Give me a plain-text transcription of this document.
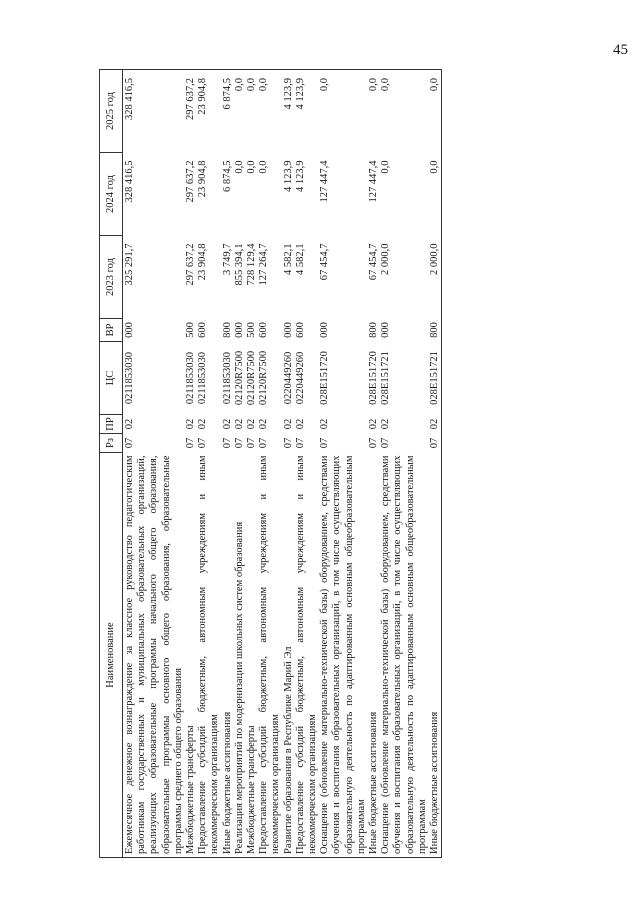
45
Наименование	Рз	ПР	ЦС	ВР	2023 год	2024 год	2025 год
Ежемесячное денежное вознаграждение за классное руководство педагогическим работникам государственных и муниципальных образовательных организаций, реализующих образовательные программы начального общего образования, образовательные программы основного общего образования, образовательные программы среднего общего образования	07	02	0211853030	000	325 291,7	328 416,5	328 416,5
Межбюджетные трансферты	07	02	0211853030	500	297 637,2	297 637,2	297 637,2
Предоставление субсидий бюджетным, автономным учреждениям и иным некоммерческим организациям	07	02	0211853030	600	23 904,8	23 904,8	23 904,8
Иные бюджетные ассигнования	07	02	0211853030	800	3 749,7	6 874,5	6 874,5
Реализация мероприятий по модернизации школьных систем образования	07	02	02120R7500	000	855 394,1	0,0	0,0
Межбюджетные трансферты	07	02	02120R7500	500	728 129,4	0,0	0,0
Предоставление субсидий бюджетным, автономным учреждениям и иным некоммерческим организациям	07	02	02120R7500	600	127 264,7	0,0	0,0
Развитие образования в Республике Марий Эл	07	02	0220449260	000	4 582,1	4 123,9	4 123,9
Предоставление субсидий бюджетным, автономным учреждениям и иным некоммерческим организациям	07	02	0220449260	600	4 582,1	4 123,9	4 123,9
Оснащение (обновление материально-технической базы) оборудованием, средствами обучения и воспитания образовательных организаций, в том числе осуществляющих образовательную деятельность по адаптированным основным общеобразовательным программам	07	02	028E151720	000	67 454,7	127 447,4	0,0
Иные бюджетные ассигнования	07	02	028E151720	800	67 454,7	127 447,4	0,0
Оснащение (обновление материально-технической базы) оборудованием, средствами обучения и воспитания образовательных организаций, в том числе осуществляющих образовательную деятельность по адаптированным основным общеобразовательным программам	07	02	028E151721	000	2 000,0	0,0	0,0
Иные бюджетные ассигнования	07	02	028E151721	800	2 000,0	0,0	0,0
